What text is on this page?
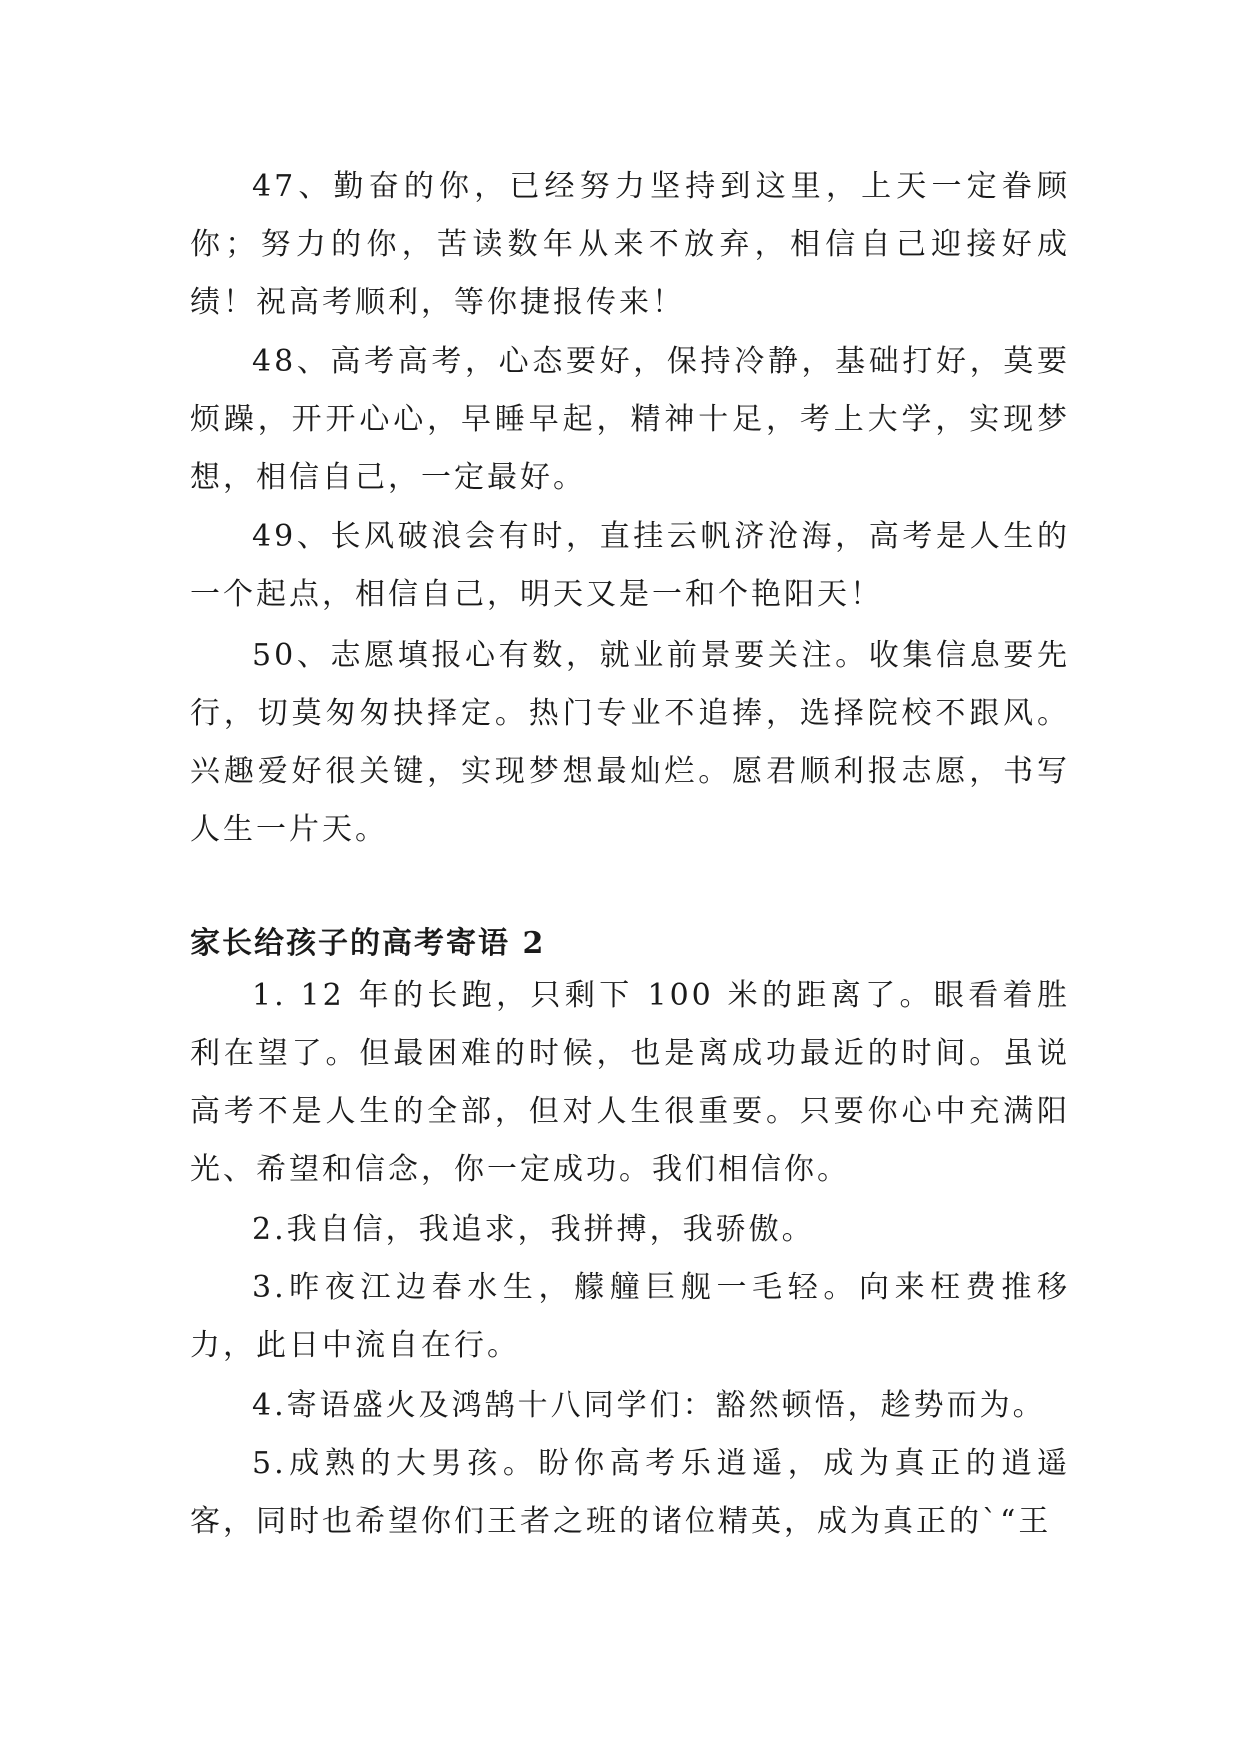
47、勤奋的你，已经努力坚持到这里，上天一定眷顾你；努力的你，苦读数年从来不放弃，相信自己迎接好成绩！祝高考顺利，等你捷报传来！

48、高考高考，心态要好，保持冷静，基础打好，莫要烦躁，开开心心，早睡早起，精神十足，考上大学，实现梦想，相信自己，一定最好。

49、长风破浪会有时，直挂云帆济沧海，高考是人生的一个起点，相信自己，明天又是一和个艳阳天！

50、志愿填报心有数，就业前景要关注。收集信息要先行，切莫匆匆抉择定。热门专业不追捧，选择院校不跟风。兴趣爱好很关键，实现梦想最灿烂。愿君顺利报志愿，书写人生一片天。

家长给孩子的高考寄语 2

1. 12 年的长跑，只剩下 100 米的距离了。眼看着胜利在望了。但最困难的时候，也是离成功最近的时间。虽说高考不是人生的全部，但对人生很重要。只要你心中充满阳光、希望和信念，你一定成功。我们相信你。

2.我自信，我追求，我拼搏，我骄傲。

3.昨夜江边春水生，艨艟巨舰一毛轻。向来枉费推移力，此日中流自在行。

4.寄语盛火及鸿鹄十八同学们：豁然顿悟，趁势而为。

5.成熟的大男孩。盼你高考乐逍遥，成为真正的逍遥客，同时也希望你们王者之班的诸位精英，成为真正的`“王
